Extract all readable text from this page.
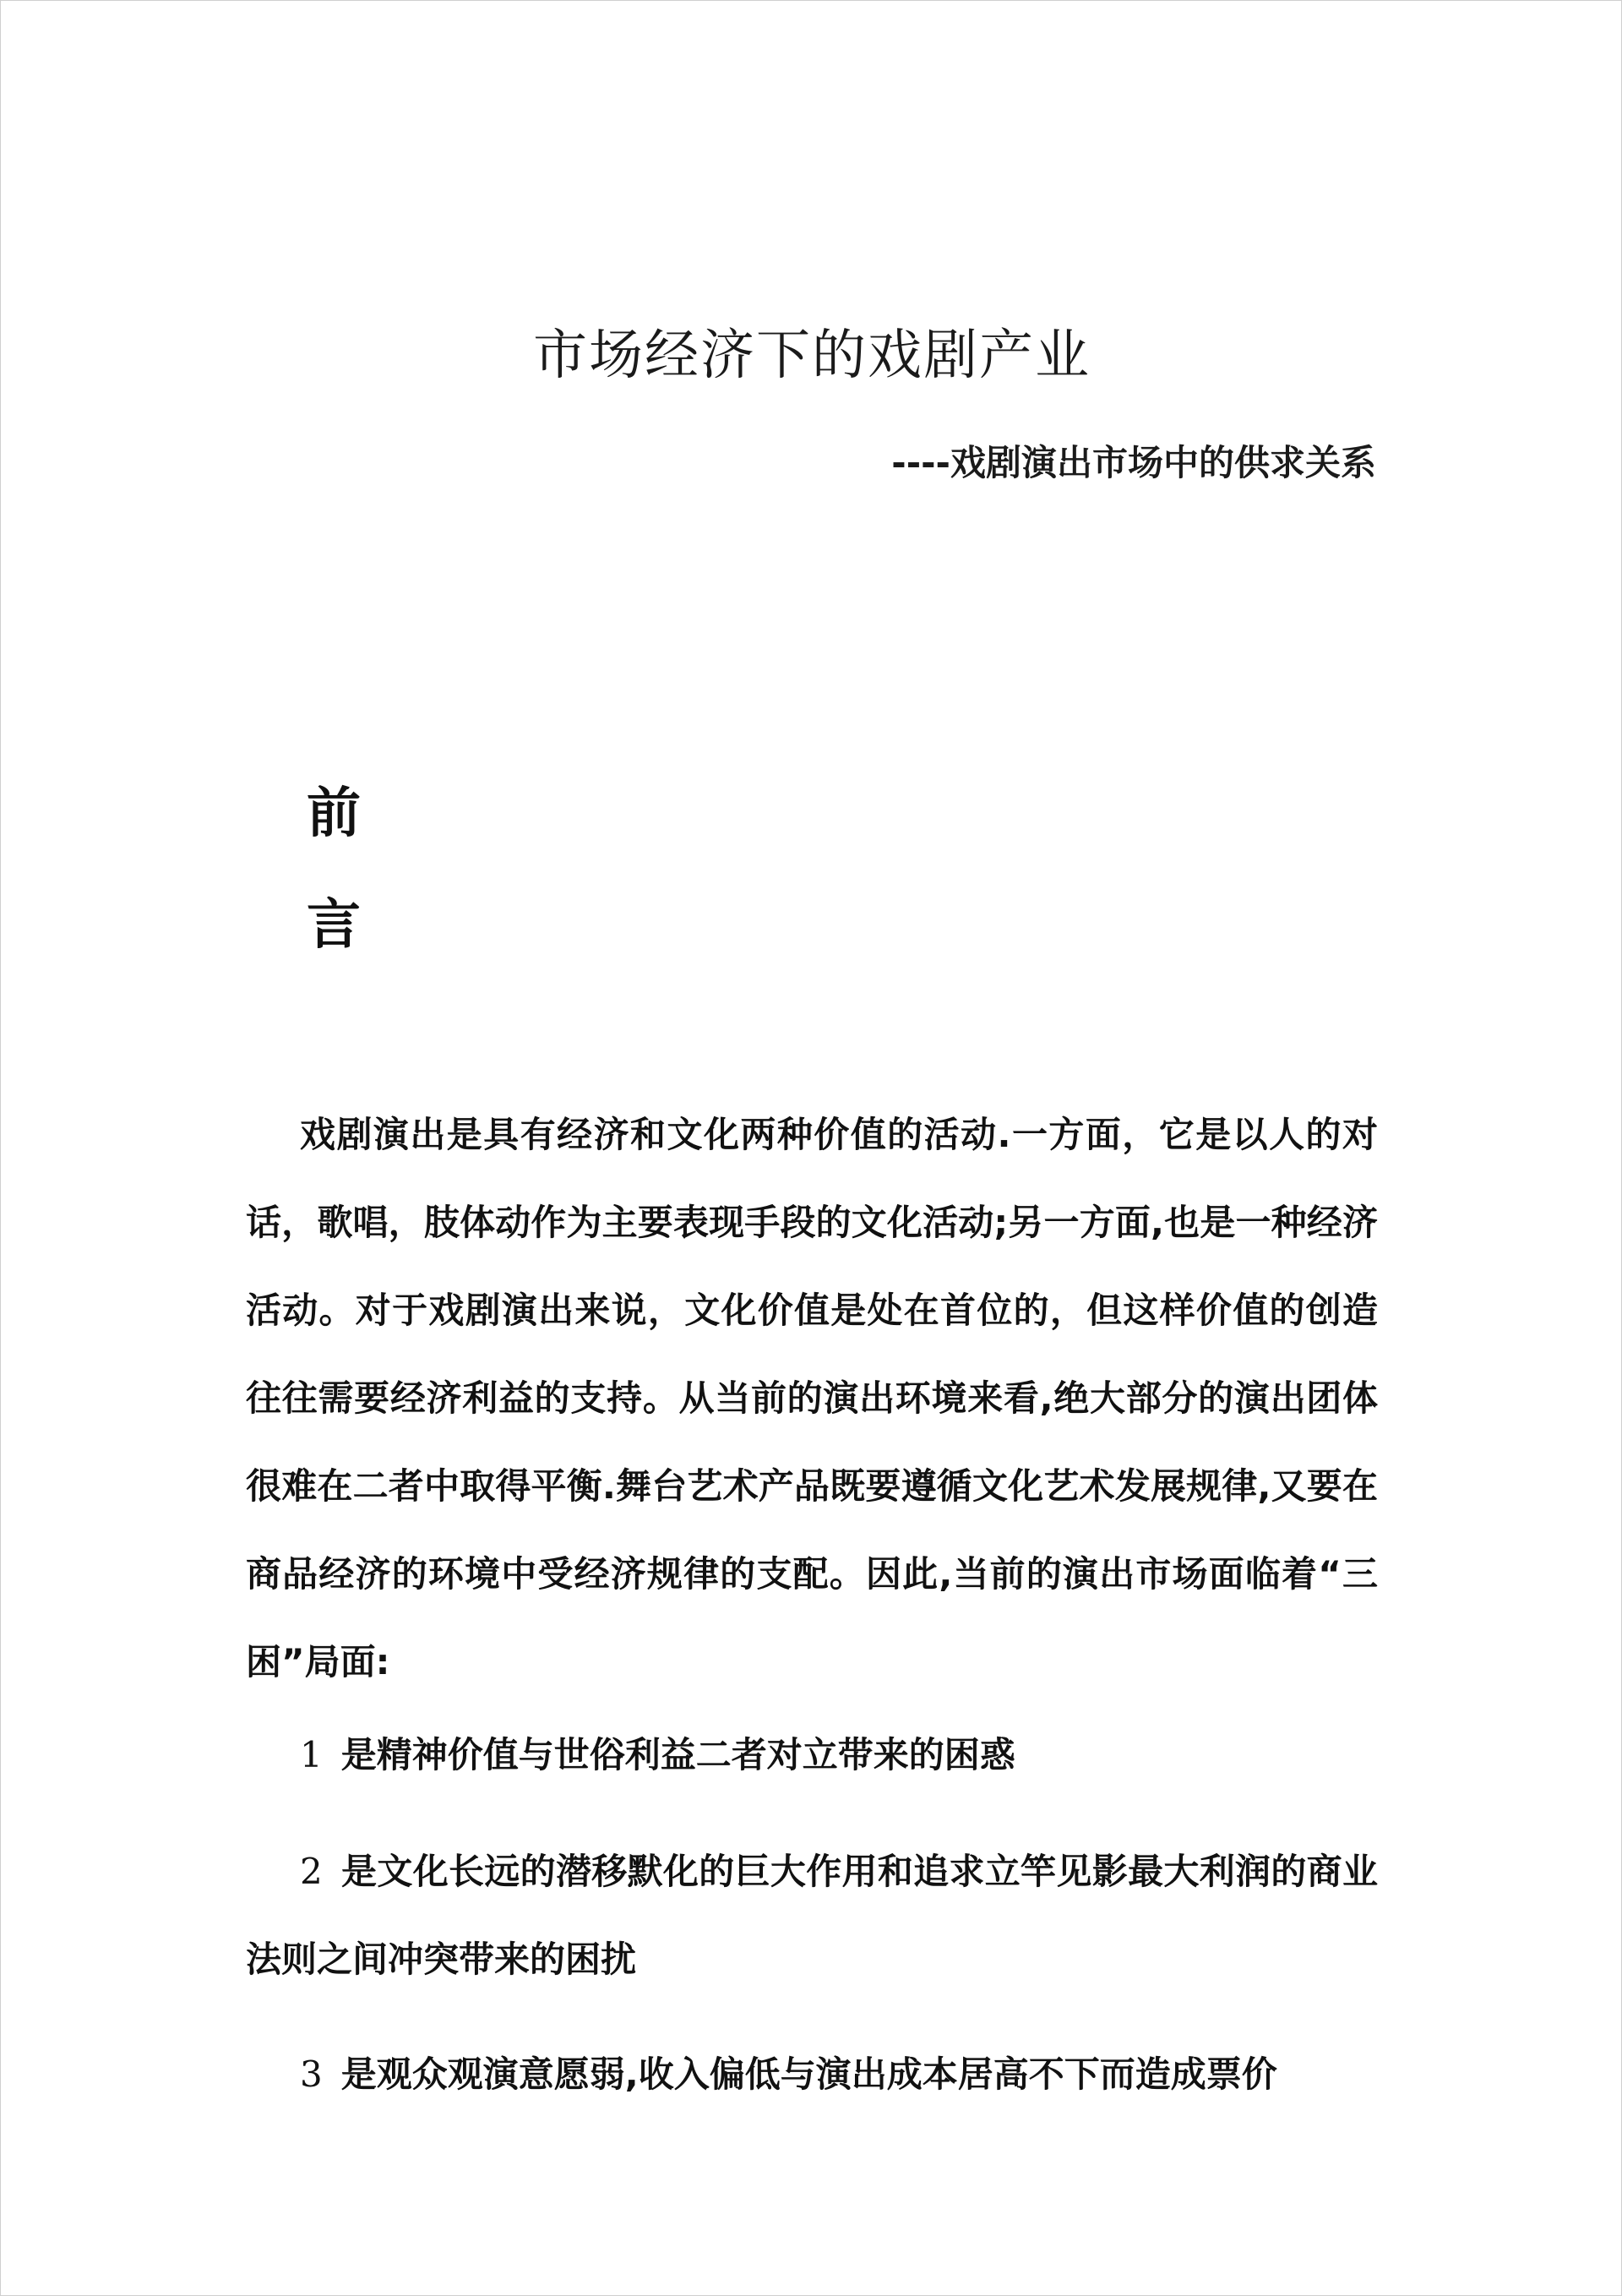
市场经济下的戏剧产业
----戏剧演出市场中的供求关系
前
言

戏剧演出是具有经济和文化两种价值的活动.一方面，它是以人的对话，歌唱，肢体动作为主要表现手段的文化活动;另一方面,也是一种经济活动。对于戏剧演出来说，文化价值是处在首位的，但这样价值的创造往往需要经济利益的支持。从当前的演出环境来看,绝大部分的演出团体很难在二者中取得平衡.舞台艺术产品既要遵循文化艺术发展规律,又要在商品经济的环境中受经济规律的支配。因此,当前的演出市场面临着“三困”局面:

1 是精神价值与世俗利益二者对立带来的困惑

2 是文化长远的潜移默化的巨大作用和追求立竿见影最大利润的商业法则之间冲突带来的困扰

3 是观众观演意愿弱,收入偏低与演出成本居高不下而造成票价
